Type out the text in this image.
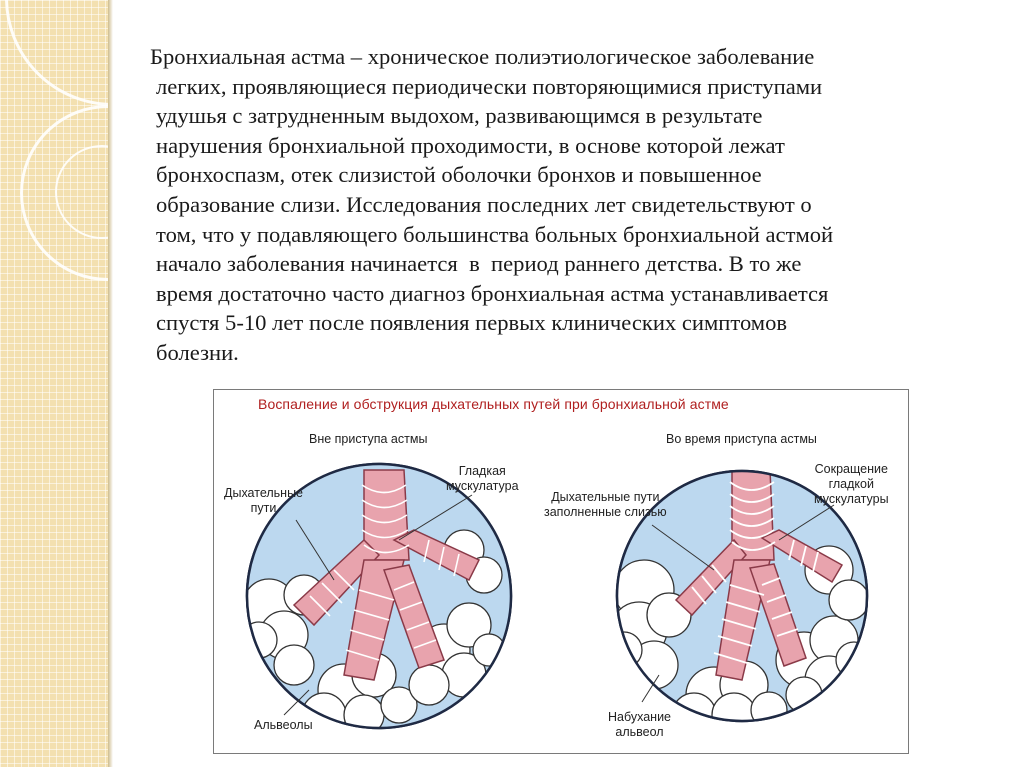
Бронхиальная астма – хроническое полиэтиологическое заболевание
легких, проявляющиеся периодически повторяющимися приступами
удушья с затрудненным выдохом, развивающимся в результате
нарушения бронхиальной проходимости, в основе которой лежат
бронхоспазм, отек слизистой оболочки бронхов и повышенное
образование слизи. Исследования последних лет свидетельствуют о
том, что у подавляющего большинства больных бронхиальной астмой
начало заболевания начинается  в  период раннего детства. В то же
время достаточно часто диагноз бронхиальная астма устанавливается
спустя 5-10 лет после появления первых клинических симптомов
болезни.

Воспаление и обструкция дыхательных путей при бронхиальной астме
Вне приступа астмы
Дыхательные
пути
Гладкая
мускулатура
Альвеолы
Во время приступа астмы
Дыхательные пути
заполненные слизью
Сокращение
гладкой
мускулатуры
Набухание
альвеол
